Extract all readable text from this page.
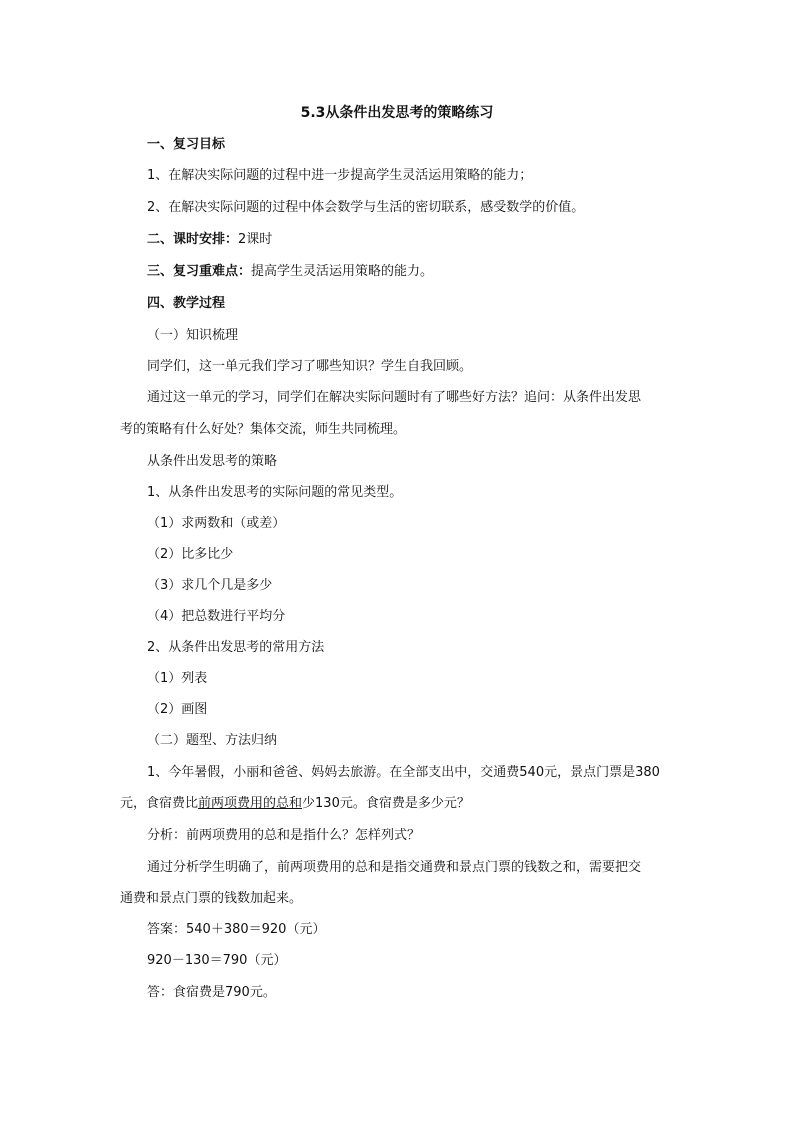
5.3从条件出发思考的策略练习
一、复习目标
1、在解决实际问题的过程中进一步提高学生灵活运用策略的能力；
2、在解决实际问题的过程中体会数学与生活的密切联系，感受数学的价值。
二、课时安排：2课时
三、复习重难点：提高学生灵活运用策略的能力。
四、教学过程
（一）知识梳理
同学们，这一单元我们学习了哪些知识？学生自我回顾。
通过这一单元的学习，同学们在解决实际问题时有了哪些好方法？追问：从条件出发思
考的策略有什么好处？集体交流，师生共同梳理。
从条件出发思考的策略
1、从条件出发思考的实际问题的常见类型。
（1）求两数和（或差）
（2）比多比少
（3）求几个几是多少
（4）把总数进行平均分
2、从条件出发思考的常用方法
（1）列表
（2）画图
（二）题型、方法归纳
1、今年暑假，小丽和爸爸、妈妈去旅游。在全部支出中，交通费540元，景点门票是380
元，食宿费比前两项费用的总和少130元。食宿费是多少元？
分析：前两项费用的总和是指什么？怎样列式？
通过分析学生明确了，前两项费用的总和是指交通费和景点门票的钱数之和，需要把交
通费和景点门票的钱数加起来。
答案：540＋380＝920（元）
920－130＝790（元）
答：食宿费是790元。
